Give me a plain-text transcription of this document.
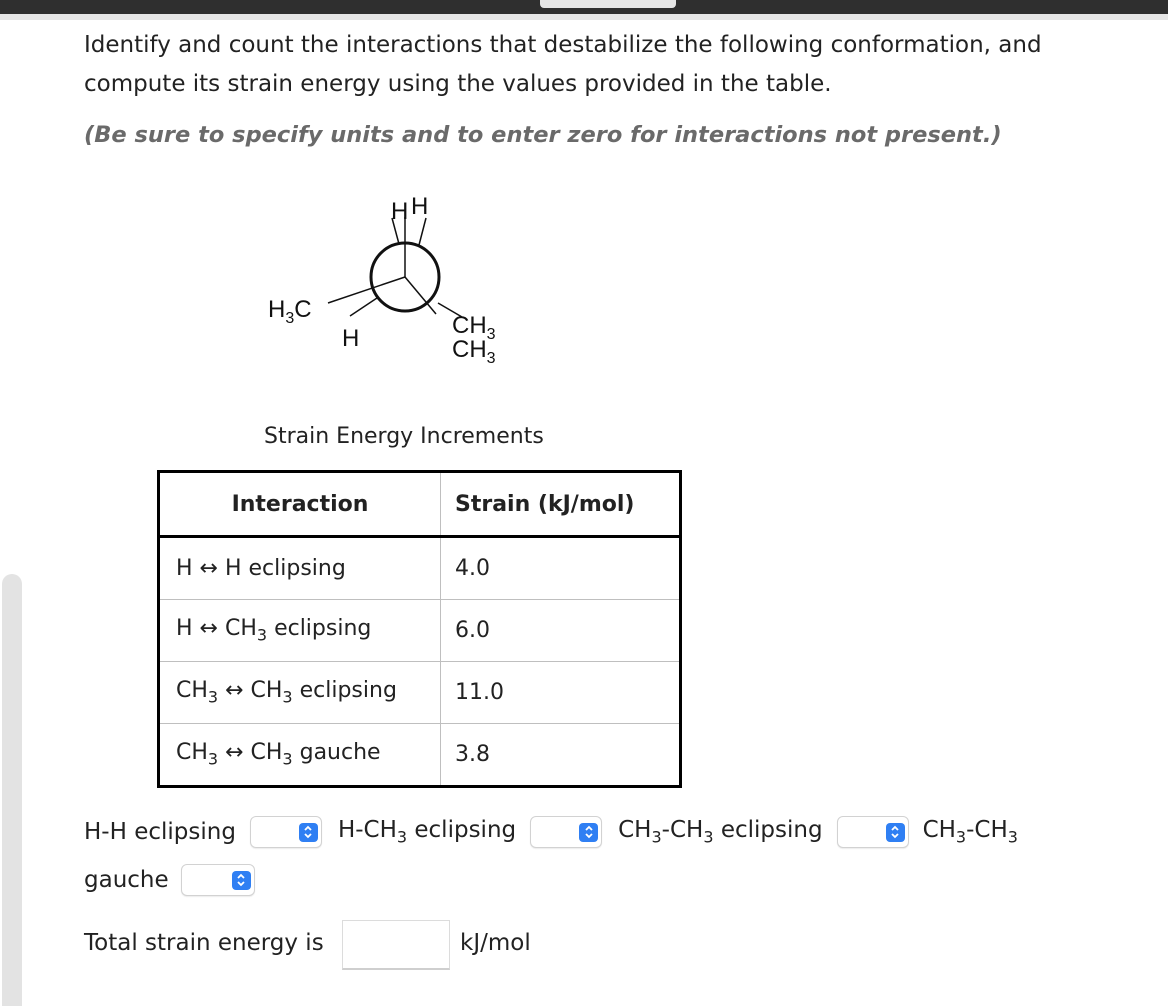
Identify and count the interactions that destabilize the following conformation, and compute its strain energy using the values provided in the table.
(Be sure to specify units and to enter zero for interactions not present.)
H H
$H_3C$
H	$CH_3$
$CH_3$
Strain Energy Increments
Interaction	Strain (kJ/mol)
H ↔ H eclipsing	4.0
H ↔ $CH_3$ eclipsing	6.0
$CH_3$ ↔ $CH_3$ eclipsing	11.0
$CH_3$ ↔ $CH_3$ gauche	3.8
H-H eclipsing	$H-CH_3$ eclipsing	$CH_3-CH_3$ eclipsing	$CH_3-CH_3$
gauche
Total strain energy is	kJ/mol
